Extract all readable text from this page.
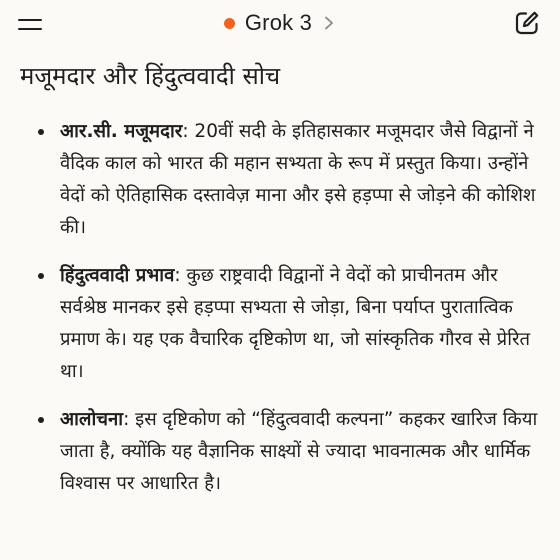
Grok 3
मजूमदार और हिंदुत्ववादी सोच
आर.सी. मजूमदार: 20वीं सदी के इतिहासकार मजूमदार जैसे विद्वानों ने वैदिक काल को भारत की महान सभ्यता के रूप में प्रस्तुत किया। उन्होंने वेदों को ऐतिहासिक दस्तावेज़ माना और इसे हड़प्पा से जोड़ने की कोशिश की।
हिंदुत्ववादी प्रभाव: कुछ राष्ट्रवादी विद्वानों ने वेदों को प्राचीनतम और सर्वश्रेष्ठ मानकर इसे हड़प्पा सभ्यता से जोड़ा, बिना पर्याप्त पुरातात्विक प्रमाण के। यह एक वैचारिक दृष्टिकोण था, जो सांस्कृतिक गौरव से प्रेरित था।
आलोचना: इस दृष्टिकोण को “हिंदुत्ववादी कल्पना” कहकर खारिज किया जाता है, क्योंकि यह वैज्ञानिक साक्ष्यों से ज्यादा भावनात्मक और धार्मिक विश्वास पर आधारित है।
